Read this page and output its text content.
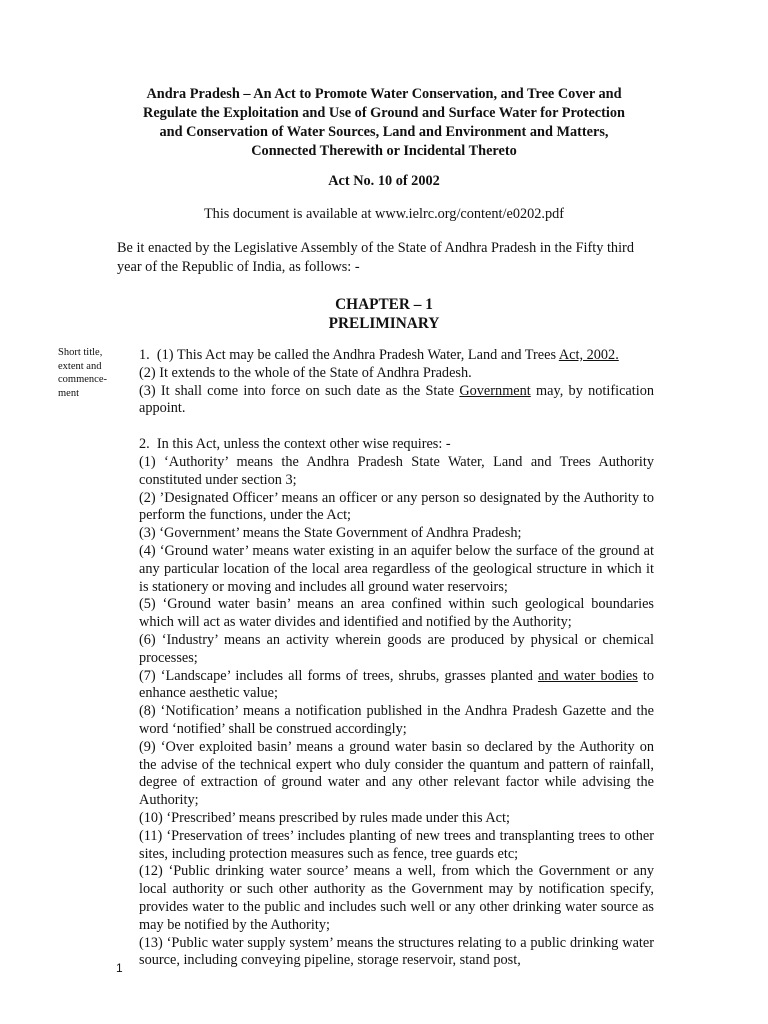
Andra Pradesh – An Act to Promote Water Conservation, and Tree Cover and
Regulate the Exploitation and Use of Ground and Surface Water for Protection
and Conservation of Water Sources, Land and Environment and Matters,
Connected Therewith or Incidental Thereto
Act No. 10 of 2002
This document is available at www.ielrc.org/content/e0202.pdf
Be it enacted by the Legislative Assembly of the State of Andhra Pradesh in the Fifty third year of the Republic of India, as follows: -
CHAPTER – 1
PRELIMINARY
Short title, extent and commence-ment

1.  (1) This Act may be called the Andhra Pradesh Water, Land and Trees Act, 2002.

(2) It extends to the whole of the State of Andhra Pradesh.

(3) It shall come into force on such date as the State Government may, by notification appoint.

2.  In this Act, unless the context other wise requires: -

(1) ‘Authority’ means the Andhra Pradesh State Water, Land and Trees Authority constituted under section 3;

(2) ’Designated Officer’ means an officer or any person so designated by the Authority to perform the functions, under the Act;

(3) ‘Government’ means the State Government of Andhra Pradesh;

(4) ‘Ground water’ means water existing in an aquifer below the surface of the ground at any particular location of the local area regardless of the geological structure in which it is stationery or moving and includes all ground water reservoirs;

(5) ‘Ground water basin’ means an area confined within such geological boundaries which will act as water divides and identified and notified by the Authority;

(6) ‘Industry’ means an activity wherein goods are produced by physical or chemical processes;

(7) ‘Landscape’ includes all forms of trees, shrubs, grasses planted and water bodies to enhance aesthetic value;

(8) ‘Notification’ means a notification published in the Andhra Pradesh Gazette and the word ‘notified’ shall be construed accordingly;

(9) ‘Over exploited basin’ means a ground water basin so declared by the Authority on the advise of the technical expert who duly consider the quantum and pattern of rainfall, degree of extraction of ground water and any other relevant factor while advising the Authority;

(10) ‘Prescribed’ means prescribed by rules made under this Act;

(11) ‘Preservation of trees’ includes planting of new trees and transplanting trees to other sites, including protection measures such as fence, tree guards etc;

(12) ‘Public drinking water source’ means a well, from which the Government or any local authority or such other authority as the Government may by notification specify, provides water to the public and includes such well or any other drinking water source as may be notified by the Authority;

(13) ‘Public water supply system’ means the structures relating to a public drinking water source, including conveying pipeline, storage reservoir, stand post,

1
